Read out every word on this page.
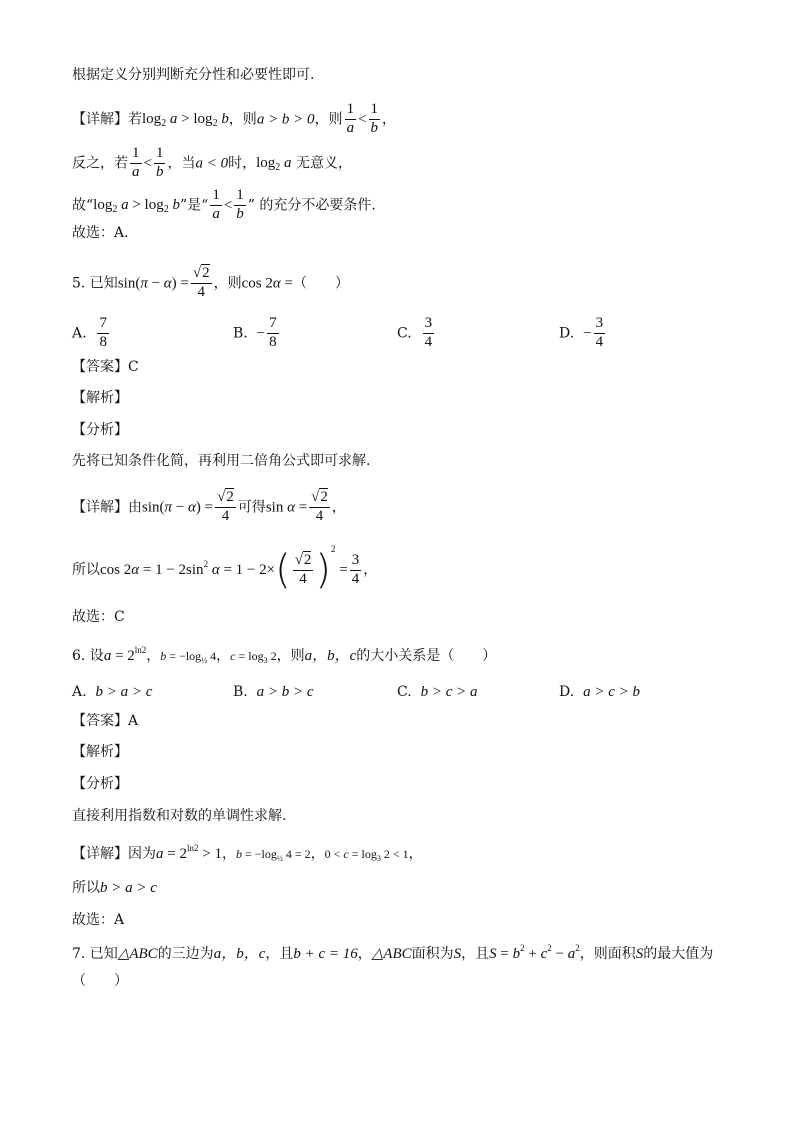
根据定义分别判断充分性和必要性即可.
【详解】若$\log_2 a > \log_2 b$，则a > b > 0，则 $\frac{1}{a} < \frac{1}{b}$ ，
反之，若 $\frac{1}{a} < \frac{1}{b}$ ，当a < 0时，$\log_2 a$ 无意义，
故“$\log_2$ $a > \log_2 b$”是“ $\frac{1}{a} < \frac{1}{b}$ ” 的充分不必要条件.
故选：A.
5. 已知$\sin(\pi - \alpha) = \frac{√2}{4}$ ，则cos 2α =（　　）
A. $\frac{7}{8}$	B. − $\frac{7}{8}$	C. $\frac{3}{4}$	D. − $\frac{3}{4}$
【答案】C
【解析】
【分析】
先将已知条件化简，再利用二倍角公式即可求解.
【详解】由$\sin(\pi - \alpha) = \frac{√2}{4}$ 可得$\sin \alpha = \frac{√2}{4}$ ，
所以$\cos 2\alpha = 1 - 2\sin^2$ $\alpha = 1 - 2\times( \frac{√2}{4} )^2 = \frac{3}{4}$ ，
故选：C
6. 设$a = 2^{ln2}$，$b = -\log_{\frac{1}{2}}$ 4，$c = \log_3 2$，则a，b，c的大小关系是（　　）
A. b > a > c	B. a > b > c	C. b > c > a	D. a > c > b
【答案】A
【解析】
【分析】
直接利用指数和对数的单调性求解.
【详解】因为$a = 2^{ln2} > 1$，$b = -\log_{\frac{1}{2}}$ 4 = 2，$0 < c = \log_3 2 < 1$，
所以b > a > c
故选：A
7. 已知△ABC的三边为a，b，c，且b + c = 16，△ABC面积为S，且$S = b^2 + c^2 - a^2$，则面积S的最大值为
（　　）
